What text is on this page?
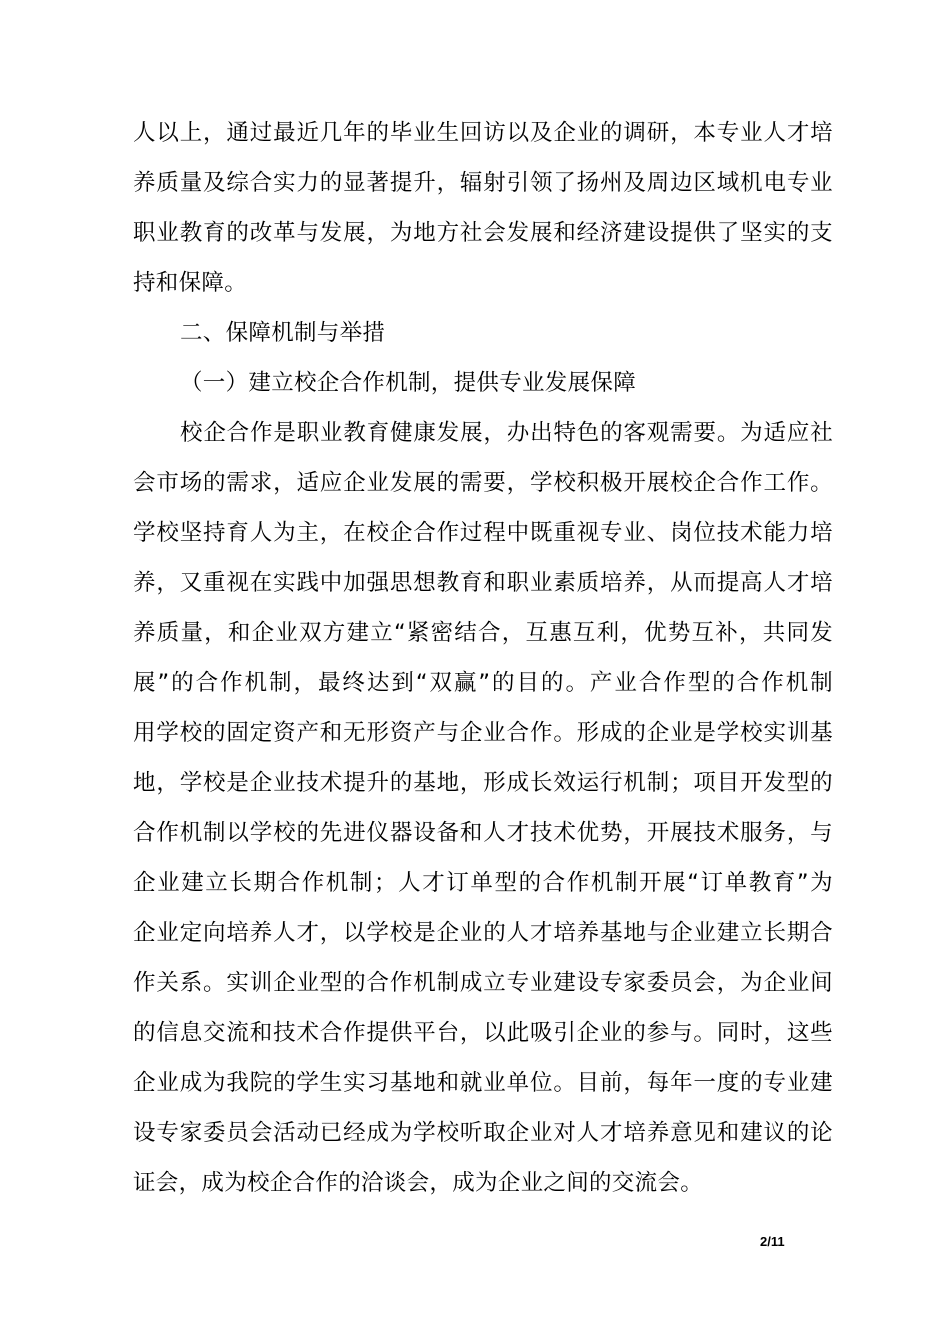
人以上，通过最近几年的毕业生回访以及企业的调研，本专业人才培
养质量及综合实力的显著提升，辐射引领了扬州及周边区域机电专业
职业教育的改革与发展，为地方社会发展和经济建设提供了坚实的支
持和保障。
二、保障机制与举措
（一）建立校企合作机制，提供专业发展保障
校企合作是职业教育健康发展，办出特色的客观需要。为适应社
会市场的需求，适应企业发展的需要，学校积极开展校企合作工作。
学校坚持育人为主，在校企合作过程中既重视专业、岗位技术能力培
养，又重视在实践中加强思想教育和职业素质培养，从而提高人才培
养质量，和企业双方建立“紧密结合，互惠互利，优势互补，共同发
展”的合作机制，最终达到“双赢”的目的。产业合作型的合作机制
用学校的固定资产和无形资产与企业合作。形成的企业是学校实训基
地，学校是企业技术提升的基地，形成长效运行机制；项目开发型的
合作机制以学校的先进仪器设备和人才技术优势，开展技术服务，与
企业建立长期合作机制；人才订单型的合作机制开展“订单教育”为
企业定向培养人才，以学校是企业的人才培养基地与企业建立长期合
作关系。实训企业型的合作机制成立专业建设专家委员会，为企业间
的信息交流和技术合作提供平台，以此吸引企业的参与。同时，这些
企业成为我院的学生实习基地和就业单位。目前，每年一度的专业建
设专家委员会活动已经成为学校听取企业对人才培养意见和建议的论
证会，成为校企合作的洽谈会，成为企业之间的交流会。
2/11
